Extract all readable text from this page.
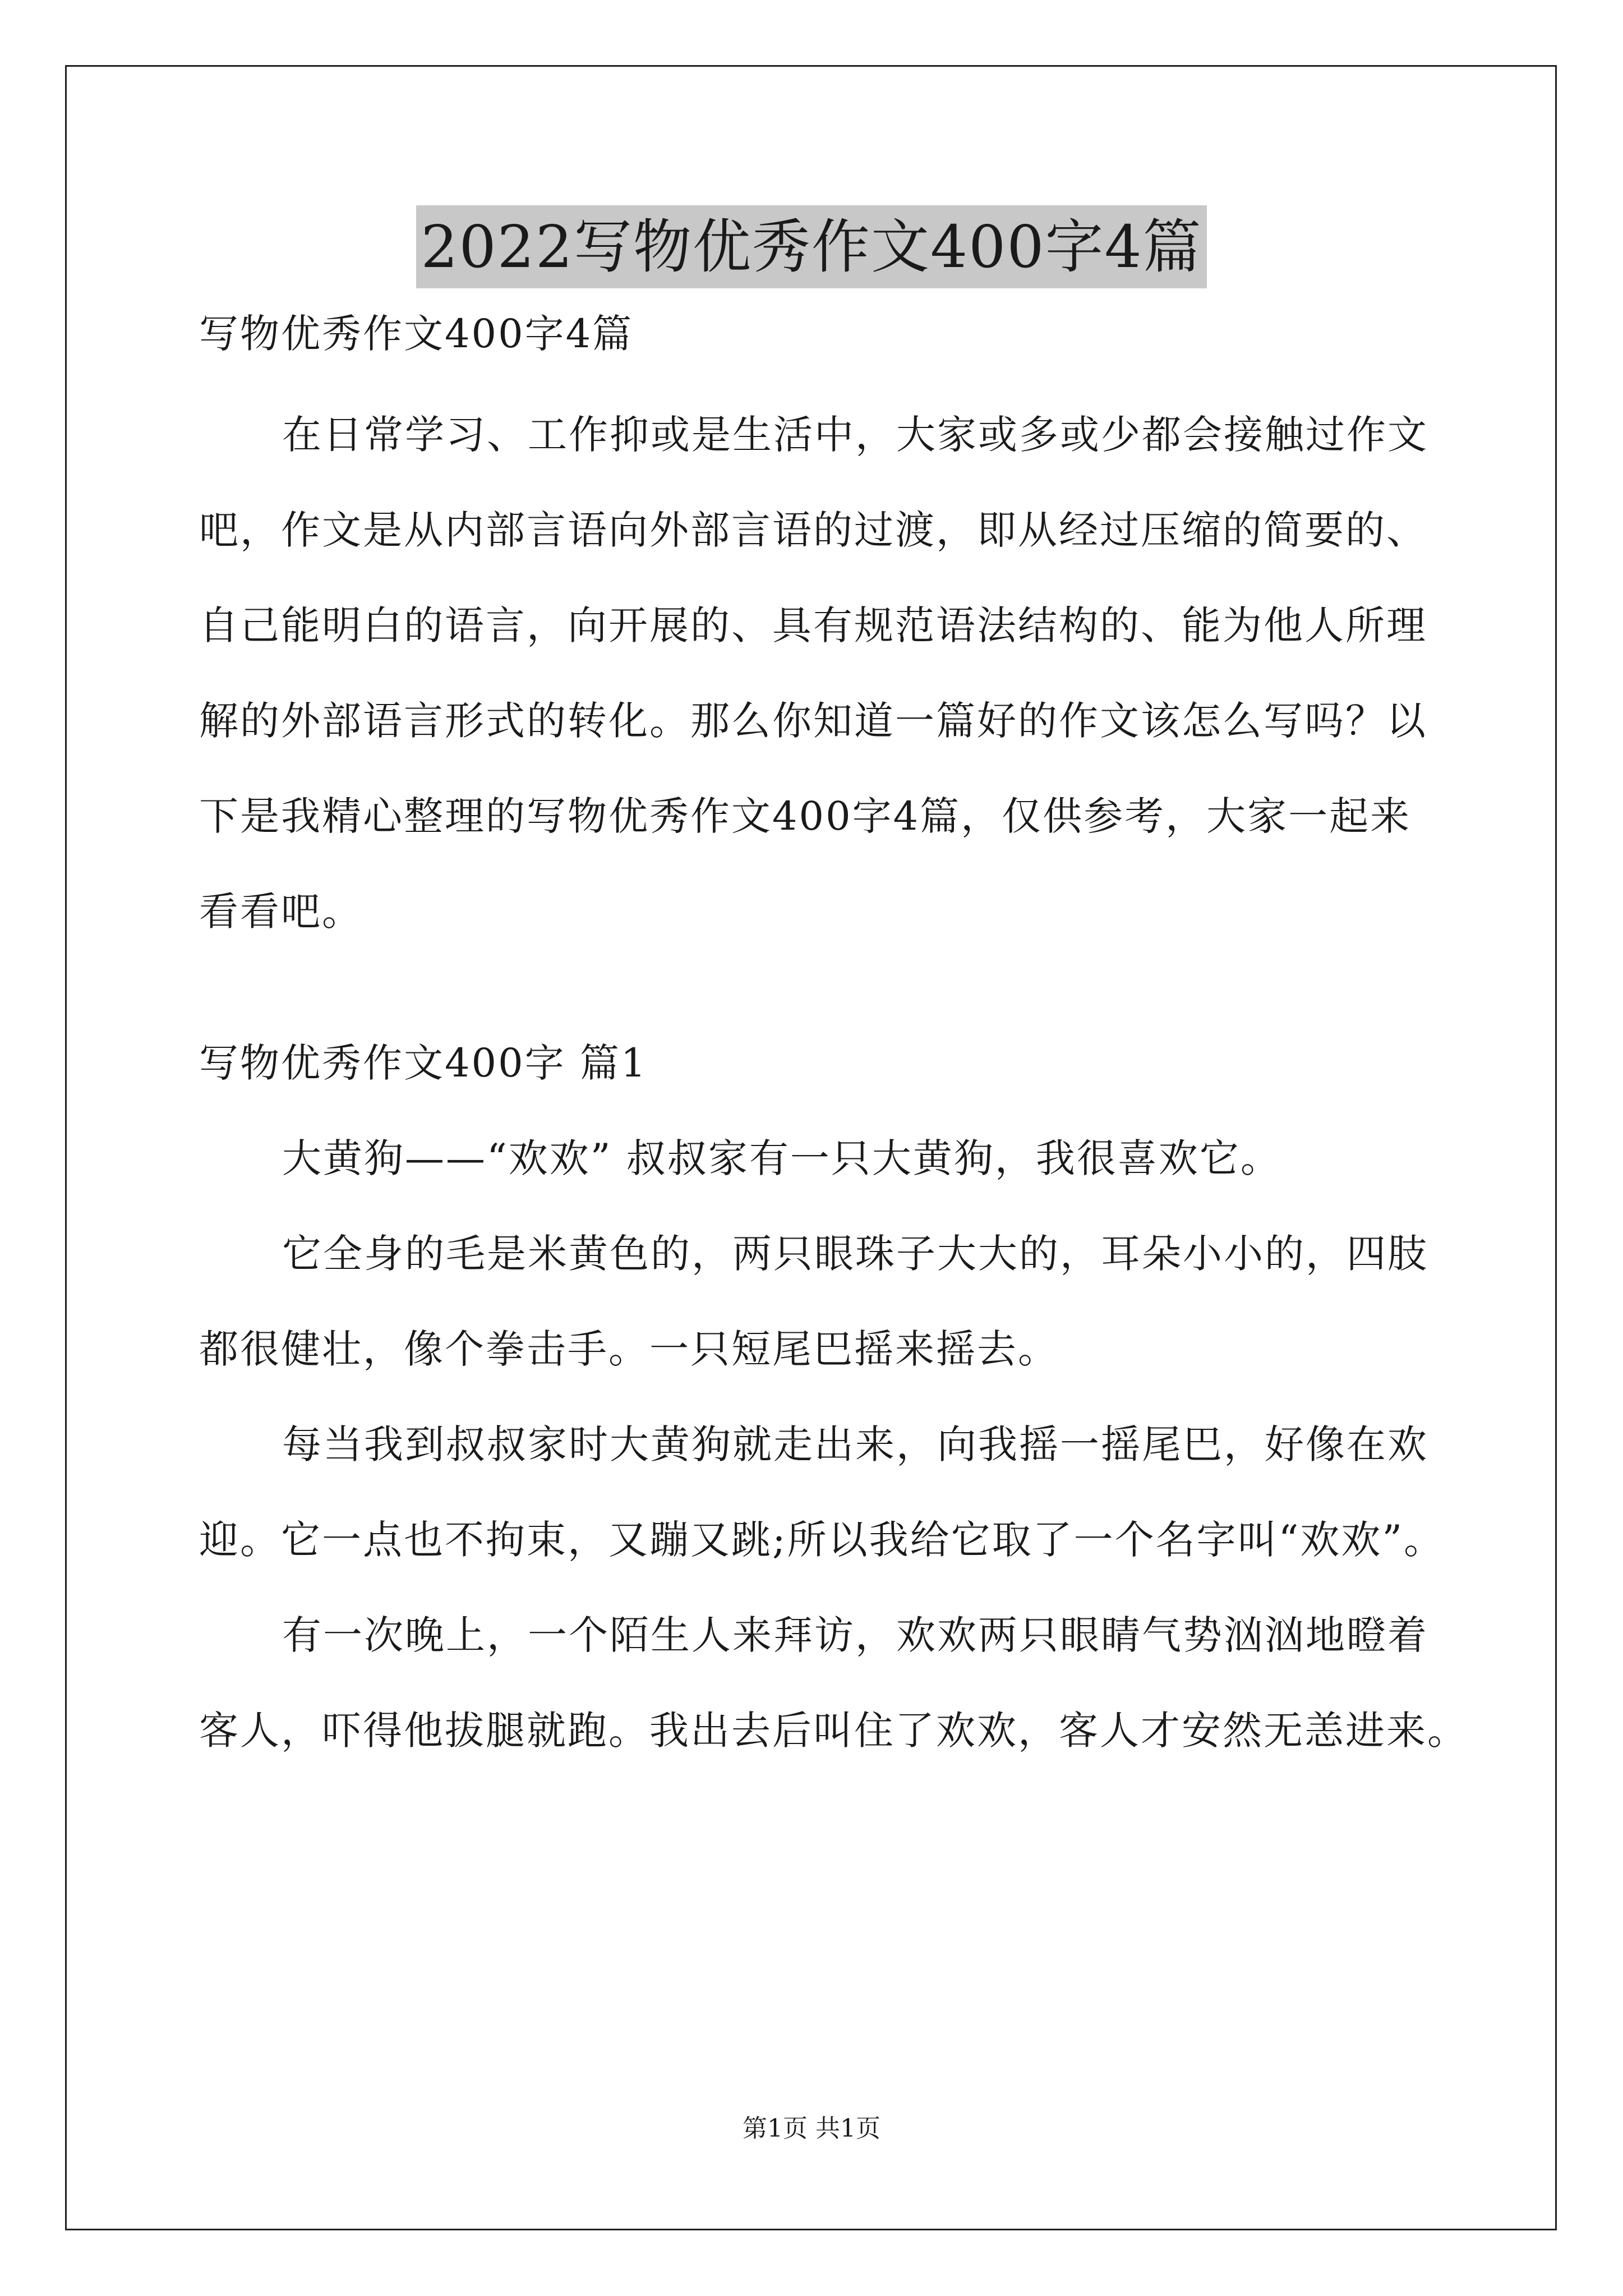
2022写物优秀作文400字4篇
写物优秀作文400字4篇
在日常学习、工作抑或是生活中，大家或多或少都会接触过作文
吧，作文是从内部言语向外部言语的过渡，即从经过压缩的简要的、
自己能明白的语言，向开展的、具有规范语法结构的、能为他人所理
解的外部语言形式的转化。那么你知道一篇好的作文该怎么写吗？以
下是我精心整理的写物优秀作文400字4篇，仅供参考，大家一起来
看看吧。
写物优秀作文400字 篇1
大黄狗——“欢欢” 叔叔家有一只大黄狗，我很喜欢它。
它全身的毛是米黄色的，两只眼珠子大大的，耳朵小小的，四肢
都很健壮，像个拳击手。一只短尾巴摇来摇去。
每当我到叔叔家时大黄狗就走出来，向我摇一摇尾巴，好像在欢
迎。它一点也不拘束，又蹦又跳;所以我给它取了一个名字叫“欢欢”。
有一次晚上，一个陌生人来拜访，欢欢两只眼睛气势汹汹地瞪着
客人，吓得他拔腿就跑。我出去后叫住了欢欢，客人才安然无恙进来。
第1页 共1页
